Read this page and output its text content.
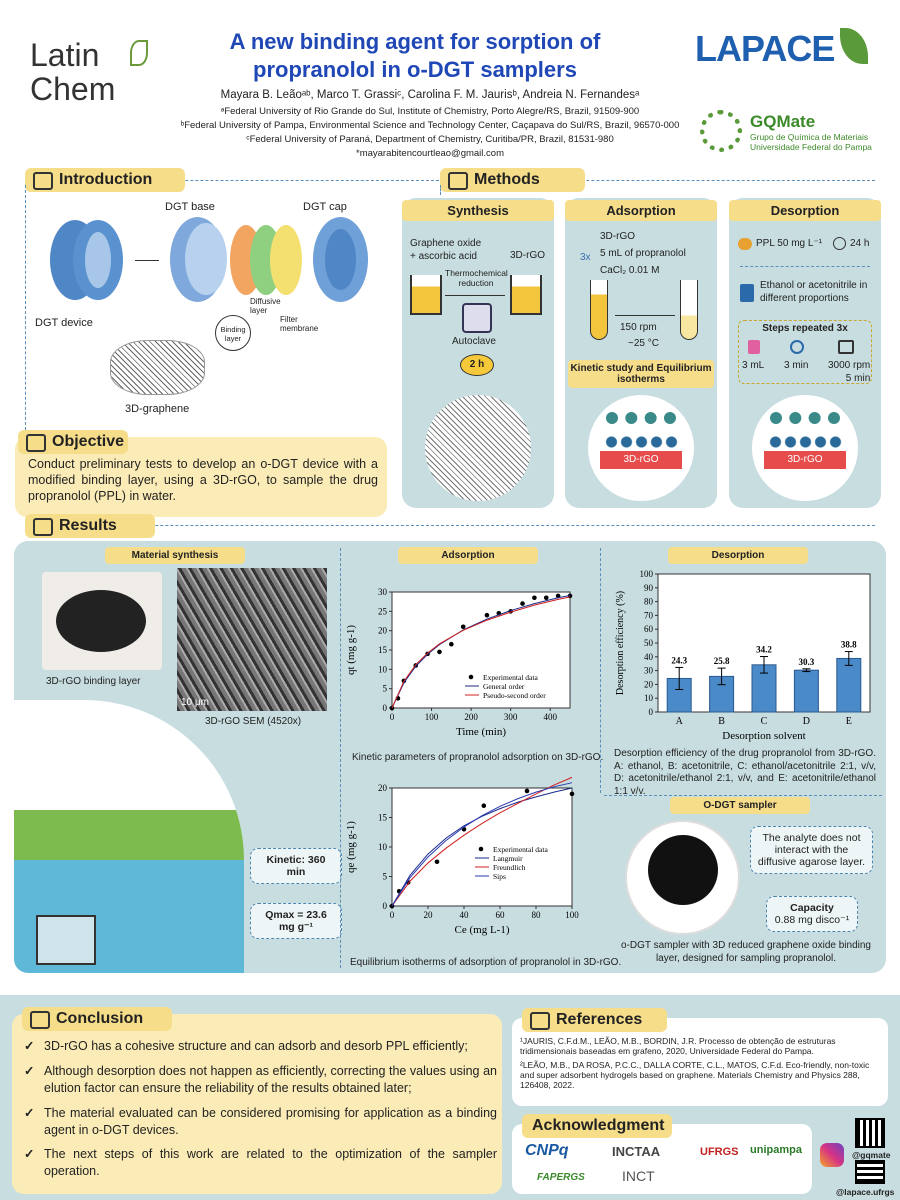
Latin
Chem
A new binding agent for sorption of
propranolol in o-DGT samplers
Mayara B. Leãoᵃᵇ, Marco T. Grassiᶜ, Carolina F. M. Jaurisᵇ, Andreia N. Fernandesᵃ
ᵃFederal University of Rio Grande do Sul, Institute of Chemistry, Porto Alegre/RS, Brazil, 91509-900
ᵇFederal University of Pampa, Environmental Science and Technology Center, Caçapava do Sul/RS, Brazil, 96570-000
ᶜFederal University of Paraná, Department of Chemistry, Curitiba/PR, Brazil, 81531-980
*mayarabitencourtleao@gmail.com
LAPACE
GQMate
Grupo de Química de Materiais
Universidade Federal do Pampa
Introduction
DGT device
DGT base
Diffusive layer
Filter membrane
Binding layer
DGT cap
3D-graphene
Objective
Conduct preliminary tests to develop an o-DGT device with a modified binding layer, using a 3D-rGO, to sample the drug propranolol (PPL) in water.
Methods
Synthesis
Graphene oxide
+ ascorbic acid	3D-rGO
Thermochemical
reduction
Autoclave
2 h
Adsorption
3D-rGO
5 mL of propranolol
CaCl₂ 0.01 M
3x
150 rpm
~25 °C
Kinetic study and Equilibrium isotherms
3D-rGO
Desorption
PPL 50 mg L⁻¹	24 h
Ethanol or acetonitrile in different proportions
Steps repeated 3x
3 mL 3 min 3000 rpm
5 min
3D-rGO
Results
Material synthesis
3D-rGO binding layer
10 μm
3D-rGO SEM (4520x)
Kinetic: 360 min
Qmax = 23.6 mg g⁻¹
Adsorption
0	100	200	300	400
0
5
10
15
20
25
30
Time (min)
qt (mg g-1)
Experimental data
General order
Pseudo-second order
Kinetic parameters of propranolol adsorption on 3D-rGO.
0	20	40	60	80	100
0
5
10
15
20
Ce (mg L-1)
qe (mg g-1)	Experimental data
Langmuir
Freundlich
Sips
Equilibrium isotherms of adsorption of propranolol in 3D-rGO.
Desorption
0
10
20
30
40
50
60
70
80
90
100
24.3
A
25.8
B
34.2
C
30.3
D
38.8
E
Desorption solvent
Desorption efficiency (%)
Desorption efficiency of the drug propranolol from 3D-rGO. A: ethanol, B: acetonitrile, C: ethanol/acetonitrile 2:1, v/v, D: acetonitrile/ethanol 2:1, v/v, and E: acetonitrile/ethanol 1:1 v/v.
O-DGT sampler
The analyte does not interact with the diffusive agarose layer.
Capacity
0.88 mg disco⁻¹
o-DGT sampler with 3D reduced graphene oxide binding layer, designed for sampling propranolol.
Conclusion
✓ 3D-rGO has a cohesive structure and can adsorb and desorb PPL efficiently;
✓ Although desorption does not happen as efficiently, correcting the values using an elution factor can ensure the reliability of the results obtained later;
✓ The material evaluated can be considered promising for application as a binding agent in o-DGT devices.
✓ The next steps of this work are related to the optimization of the sampler operation.
References
¹JAURIS, C.F.d.M., LEÃO, M.B., BORDIN, J.R. Processo de obtenção de estruturas tridimensionais baseadas em grafeno, 2020, Universidade Federal do Pampa.
²LEÃO, M.B., DA ROSA, P.C.C., DALLA CORTE, C.L., MATOS, C.F.d. Eco-friendly, non-toxic and super adsorbent hydrogels based on graphene. Materials Chemistry and Physics 288, 126408, 2022.
Acknowledgment
CNPq	INCTAA	UFRGS unipampa
FAPERGS	INCT
@gqmate
@lapace.ufrgs
